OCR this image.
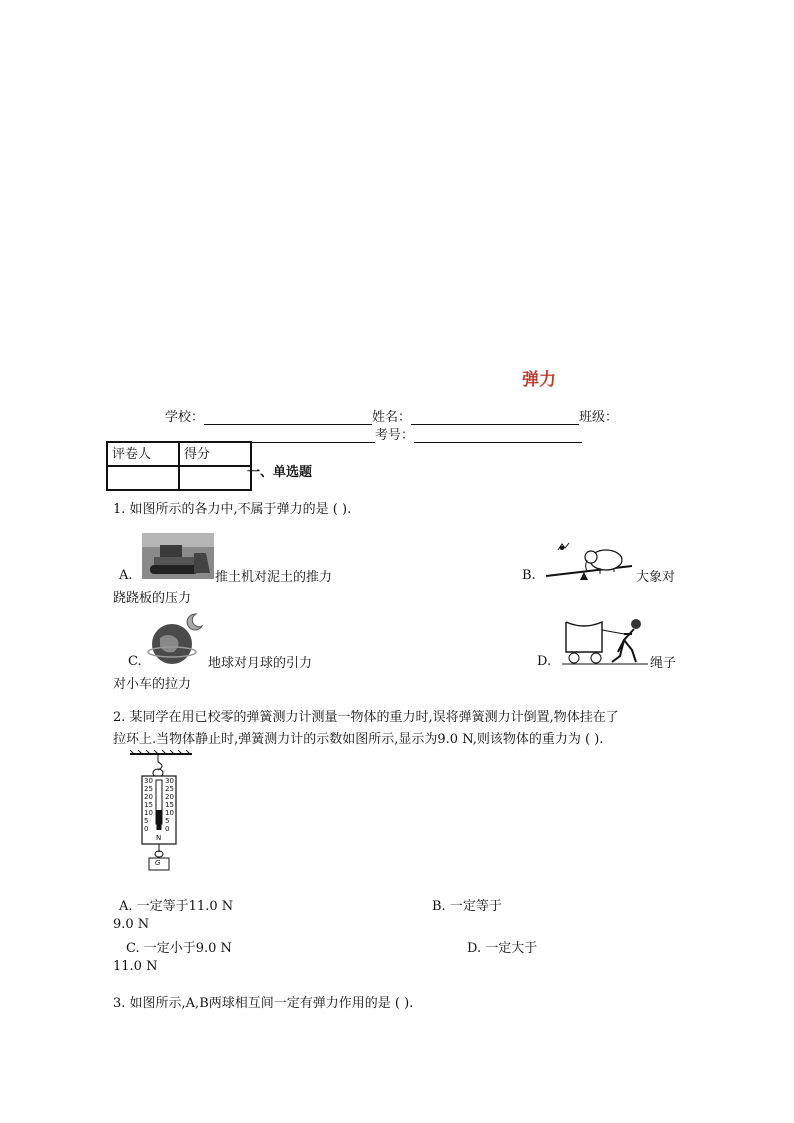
弹力
学校：	姓名：	班级：
考号：
评卷人	得分

一、单选题
1. 如图所示的各力中,不属于弹力的是 ( ).
A.	推土机对泥土的推力	B.	大象对
跷跷板的压力
C.	地球对月球的引力	D.	绳子
对小车的拉力
2. 某同学在用已校零的弹簧测力计测量一物体的重力时,误将弹簧测力计倒置,物体挂在了
拉环上.当物体静止时,弹簧测力计的示数如图所示,显示为9.0 N,则该物体的重力为 ( ).
30
25
20
15
10
5
0
30
25
20
15
10
5
0
N
G
A. 一定等于11.0 N	B. 一定等于
9.0 N
C. 一定小于9.0 N	D. 一定大于
11.0 N
3. 如图所示,A,B两球相互间一定有弹力作用的是 ( ).
